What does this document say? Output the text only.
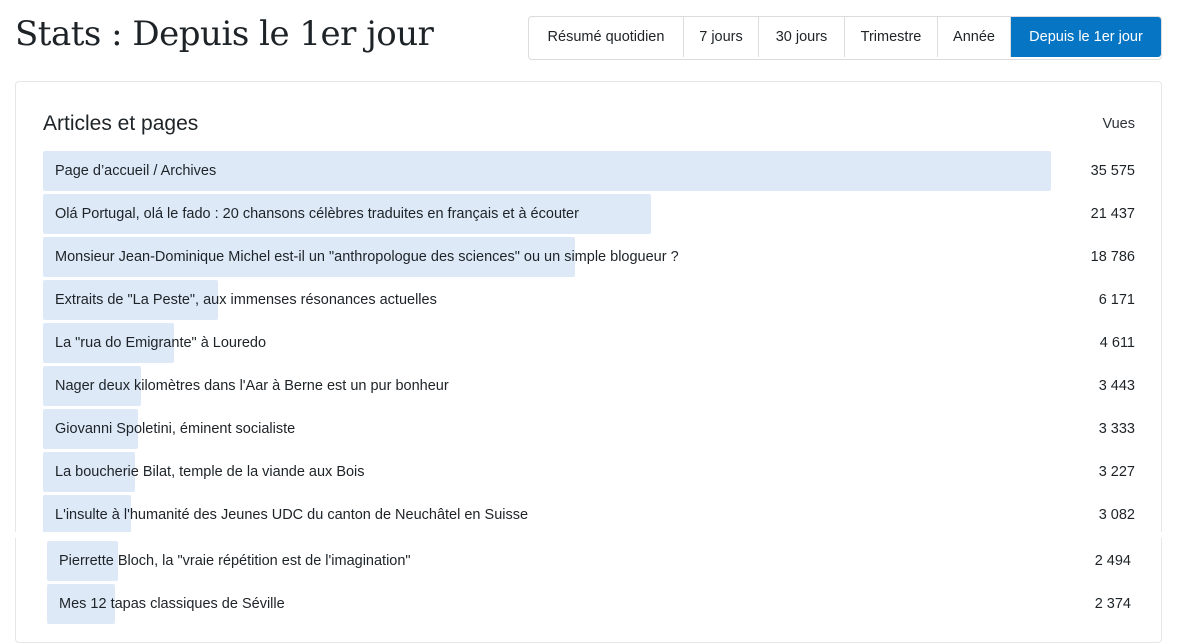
Stats : Depuis le 1er jour	Résumé quotidien	7 jours	30 jours	Trimestre	Année	Depuis le 1er jour
Articles et pages	Vues
Page d’accueil / Archives	35 575
Olá Portugal, olá le fado : 20 chansons célèbres traduites en français et à écouter	21 437
Monsieur Jean-Dominique Michel est-il un "anthropologue des sciences" ou un simple blogueur ?	18 786
Extraits de "La Peste", aux immenses résonances actuelles	6 171
La "rua do Emigrante" à Louredo	4 611
Nager deux kilomètres dans l'Aar à Berne est un pur bonheur	3 443
Giovanni Spoletini, éminent socialiste	3 333
La boucherie Bilat, temple de la viande aux Bois	3 227
L'insulte à l'humanité des Jeunes UDC du canton de Neuchâtel en Suisse	3 082
Pierrette Bloch, la "vraie répétition est de l'imagination"	2 494
Mes 12 tapas classiques de Séville	2 374
